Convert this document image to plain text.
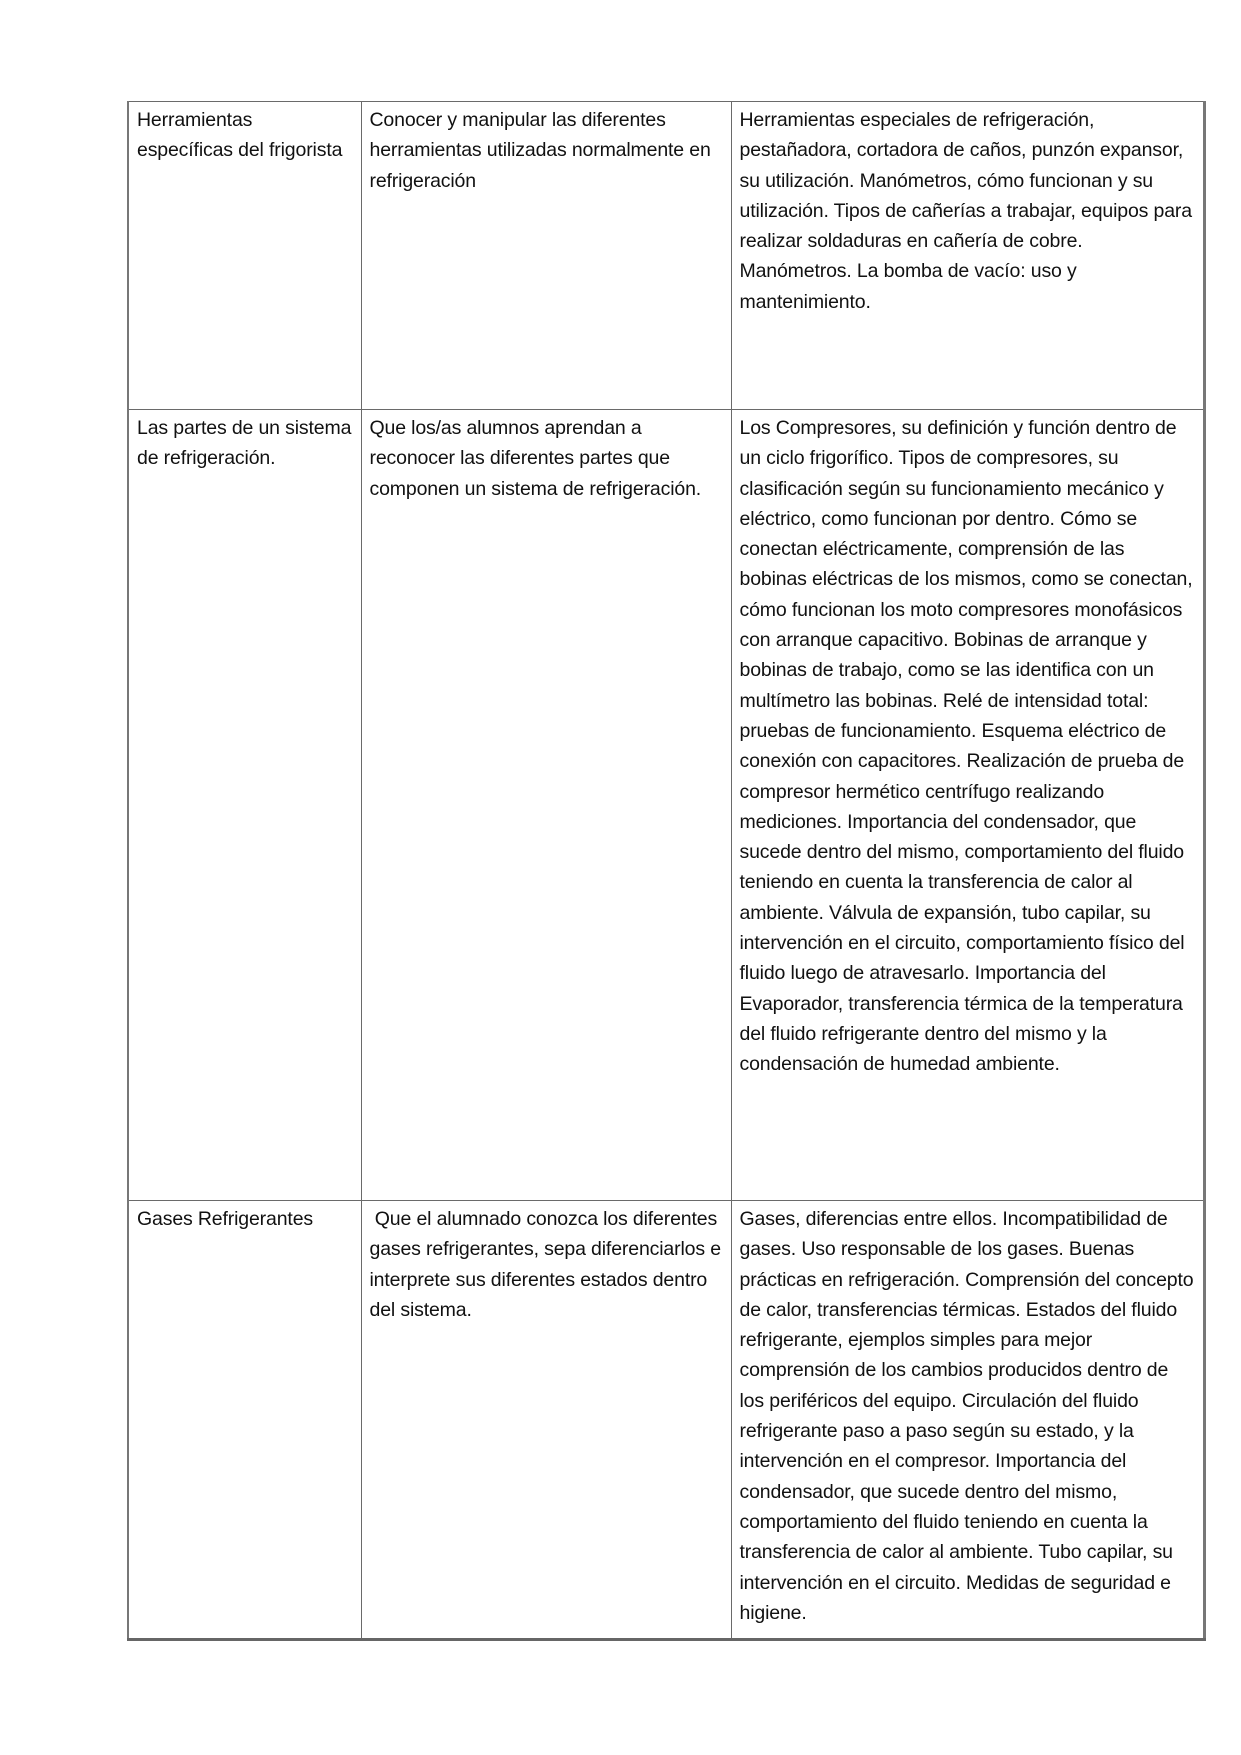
Herramientas específicas del frigorista	Conocer y manipular las diferentes herramientas utilizadas normalmente en refrigeración	Herramientas especiales de refrigeración, pestañadora, cortadora de caños, punzón expansor, su utilización. Manómetros, cómo funcionan y su utilización. Tipos de cañerías a trabajar, equipos para realizar soldaduras en cañería de cobre. Manómetros. La bomba de vacío: uso y mantenimiento.

Las partes de un sistema de refrigeración.	Que los/as alumnos aprendan a reconocer las diferentes partes que componen un sistema de refrigeración.	Los Compresores, su definición y función dentro de un ciclo frigorífico. Tipos de compresores, su clasificación según su funcionamiento mecánico y eléctrico, como funcionan por dentro. Cómo se conectan eléctricamente, comprensión de las bobinas eléctricas de los mismos, como se conectan, cómo funcionan los moto compresores monofásicos con arranque capacitivo. Bobinas de arranque y bobinas de trabajo, como se las identifica con un multímetro las bobinas. Relé de intensidad total: pruebas de funcionamiento. Esquema eléctrico de conexión con capacitores. Realización de prueba de compresor hermético centrífugo realizando mediciones. Importancia del condensador, que sucede dentro del mismo, comportamiento del fluido teniendo en cuenta la transferencia de calor al ambiente. Válvula de expansión, tubo capilar, su intervención en el circuito, comportamiento físico del fluido luego de atravesarlo. Importancia del Evaporador, transferencia térmica de la temperatura del fluido refrigerante dentro del mismo y la condensación de humedad ambiente.

Gases Refrigerantes	Que el alumnado conozca los diferentes gases refrigerantes, sepa diferenciarlos e interprete sus diferentes estados dentro del sistema.	Gases, diferencias entre ellos. Incompatibilidad de gases. Uso responsable de los gases. Buenas prácticas en refrigeración. Comprensión del concepto de calor, transferencias térmicas. Estados del fluido refrigerante, ejemplos simples para mejor comprensión de los cambios producidos dentro de los periféricos del equipo. Circulación del fluido refrigerante paso a paso según su estado, y la intervención en el compresor. Importancia del condensador, que sucede dentro del mismo, comportamiento del fluido teniendo en cuenta la transferencia de calor al ambiente. Tubo capilar, su intervención en el circuito. Medidas de seguridad e higiene.
